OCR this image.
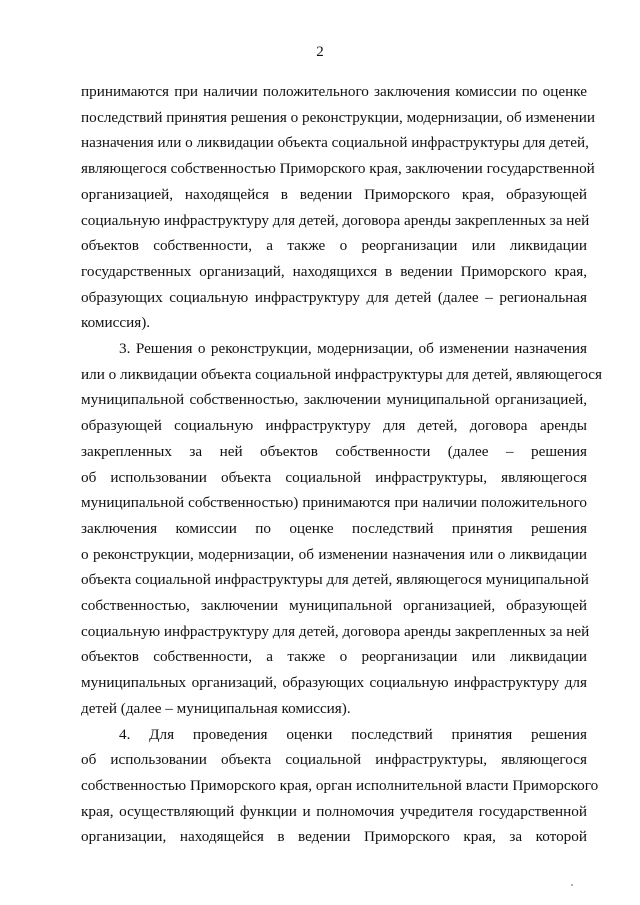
2

принимаются при наличии положительного заключения комиссии по оценке
последствий принятия решения о реконструкции, модернизации, об изменении
назначения или о ликвидации объекта социальной инфраструктуры для детей,
являющегося собственностью Приморского края, заключении государственной
организацией, находящейся в ведении Приморского края, образующей
социальную инфраструктуру для детей, договора аренды закрепленных за ней
объектов собственности, а также о реорганизации или ликвидации
государственных организаций, находящихся в ведении Приморского края,
образующих социальную инфраструктуру для детей (далее – региональная
комиссия).

3. Решения о реконструкции, модернизации, об изменении назначения
или о ликвидации объекта социальной инфраструктуры для детей, являющегося
муниципальной собственностью, заключении муниципальной организацией,
образующей социальную инфраструктуру для детей, договора аренды
закрепленных за ней объектов собственности (далее – решения
об использовании объекта социальной инфраструктуры, являющегося
муниципальной собственностью) принимаются при наличии положительного
заключения комиссии по оценке последствий принятия решения
о реконструкции, модернизации, об изменении назначения или о ликвидации
объекта социальной инфраструктуры для детей, являющегося муниципальной
собственностью, заключении муниципальной организацией, образующей
социальную инфраструктуру для детей, договора аренды закрепленных за ней
объектов собственности, а также о реорганизации или ликвидации
муниципальных организаций, образующих социальную инфраструктуру для
детей (далее – муниципальная комиссия).

4. Для проведения оценки последствий принятия решения
об использовании объекта социальной инфраструктуры, являющегося
собственностью Приморского края, орган исполнительной власти Приморского
края, осуществляющий функции и полномочия учредителя государственной
организации, находящейся в ведении Приморского края, за которой
